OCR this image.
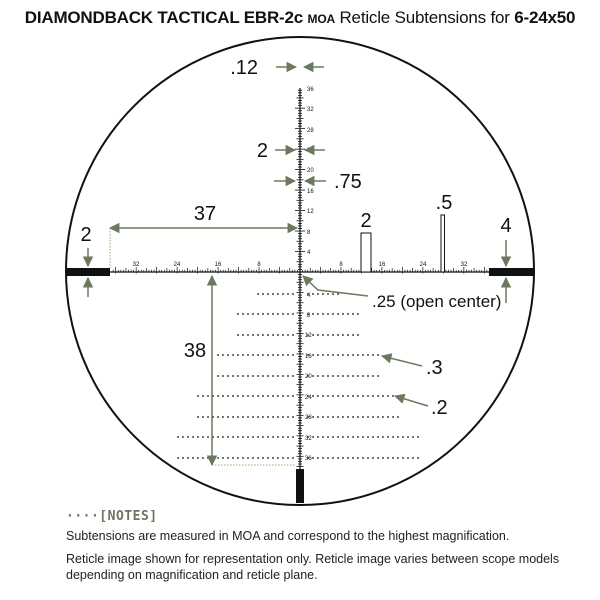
DIAMONDBACK TACTICAL EBR-2c MOA Reticle Subtensions for 6-24x50
36
32
28
24
20
16
12
8
4
4
8
12
16
20
24
28
32
36
32	24	16	8	8	16	24	32
.12
2
.75
37
2	4
2
.5
.25 (open center)
38
.3
.2
····[NOTES]
Subtensions are measured in MOA and correspond to the highest magnification.
Reticle image shown for representation only. Reticle image varies between scope models depending on magnification and reticle plane.
